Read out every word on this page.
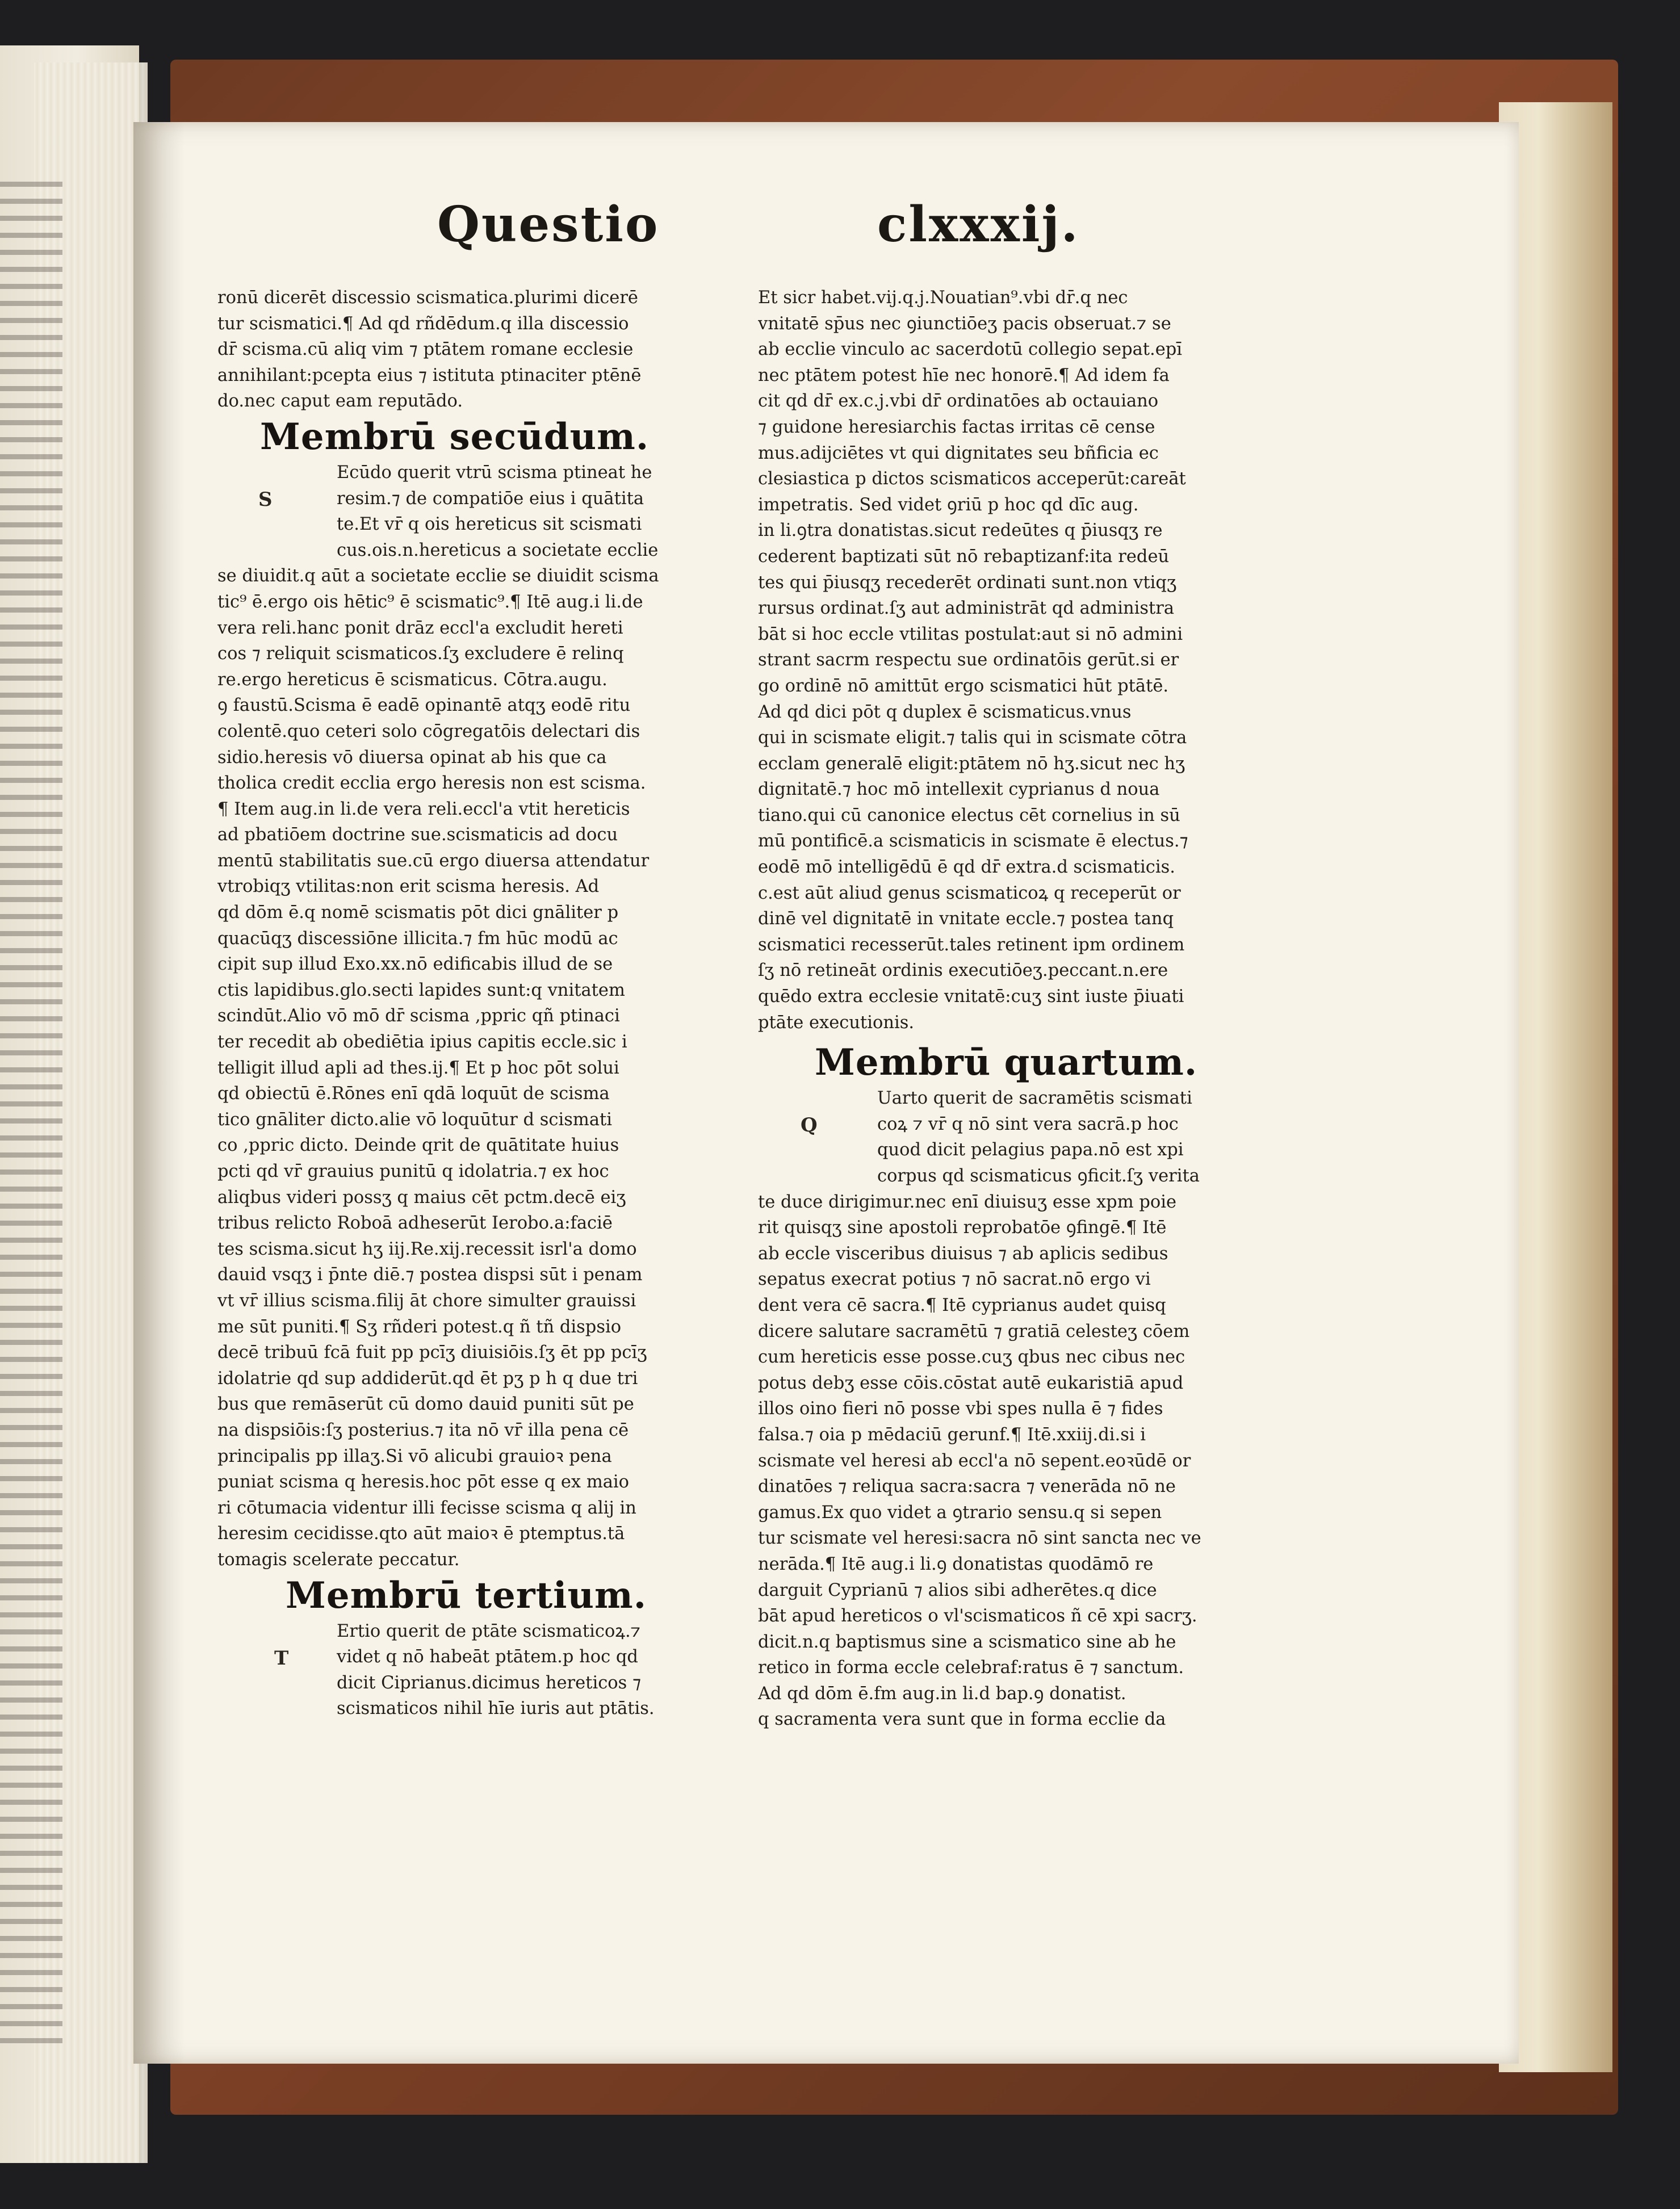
Questio	clxxxij.
ronū dicerēt discessio scismatica.plurimi dicerē
tur scismatici.¶ Ad qd rñdēdum.q illa discessio
dr̄ scisma.cū aliq vim ⁊ ptātem romane ecclesie
annihilant:pcepta eius ⁊ istituta ptinaciter ptēnē
do.nec caput eam reputādo.
Membrū secūdum.
S
Ecūdo querit vtrū scisma ptineat he
resim.⁊ de compatiōe eius i quātita
te.Et vr̄ q ois hereticus sit scismati
cus.ois.n.hereticus a societate ecclie
se diuidit.q aūt a societate ecclie se diuidit scisma
tic⁹ ē.ergo ois hētic⁹ ē scismatic⁹.¶ Itē aug.i li.de
vera reli.hanc ponit drāz eccl'a excludit hereti
cos ⁊ reliquit scismaticos.ſʒ excludere ē relinq
re.ergo hereticus ē scismaticus. Cōtra.augu.
ꝯ faustū.Scisma ē eadē opinantē atqʒ eodē ritu
colentē.quo ceteri solo cōgregatōis delectari dis
sidio.heresis vō diuersa opinat ab his que ca
tholica credit ecclia ergo heresis non est scisma.
¶ Item aug.in li.de vera reli.eccl'a vtit hereticis
ad pbatiōem doctrine sue.scismaticis ad docu
mentū stabilitatis sue.cū ergo diuersa attendatur
vtrobiqʒ vtilitas:non erit scisma heresis. Ad
qd dōm ē.q nomē scismatis pōt dici gnāliter p
quacūqʒ discessiōne illicita.⁊ fm hūc modū ac
cipit sup illud Exo.xx.nō edificabis illud de se
ctis lapidibus.glo.secti lapides sunt:q vnitatem
scindūt.Alio vō mō dr̄ scisma ,ppric qñ ptinaci
ter recedit ab obediētia ipius capitis eccle.sic i
telligit illud apli ad thes.ij.¶ Et p hoc pōt solui
qd obiectū ē.Rōnes enī qdā loquūt de scisma
tico gnāliter dicto.alie vō loquūtur d scismati
co ,ppric dicto. Deinde qrit de quātitate huius
pcti qd vr̄ grauius punitū q idolatria.⁊ ex hoc
aliqbus videri possʒ q maius cēt pctm.decē eiʒ
tribus relicto Roboā adheserūt Ierobo.a:faciē
tes scisma.sicut hʒ iij.Re.xij.recessit isrl'a domo
dauid vsqʒ i p̄nte diē.⁊ postea dispsi sūt i penam
vt vr̄ illius scisma.filij āt chore simulter grauissi
me sūt puniti.¶ Sʒ rñderi potest.q ñ tñ dispsio
decē tribuū fcā fuit pp pcīʒ diuisiōis.ſʒ ēt pp pcīʒ
idolatrie qd sup addiderūt.qd ēt pʒ p h q due tri
bus que remāserūt cū domo dauid puniti sūt pe
na dispsiōis:ſʒ posterius.⁊ ita nō vr̄ illa pena cē
principalis pp illaʒ.Si vō alicubi grauioꝛ pena
puniat scisma q heresis.hoc pōt esse q ex maio
ri cōtumacia videntur illi fecisse scisma q alij in
heresim cecidisse.qto aūt maioꝛ ē ptemptus.tā
tomagis scelerate peccatur.
Membrū tertium.
T
Ertio querit de ptāte scismaticoꝝ.⁊
videt q nō habeāt ptātem.p hoc qd
dicit Ciprianus.dicimus hereticos ⁊
scismaticos nihil hīe iuris aut ptātis.
Et sicr habet.vij.q.j.Nouatian⁹.vbi dr̄.q nec
vnitatē sp̄us nec ꝯiunctiōeʒ pacis obseruat.⁊ se
ab ecclie vinculo ac sacerdotū collegio sepat.epī
nec ptātem potest hīe nec honorē.¶ Ad idem fa
cit qd dr̄ ex.c.j.vbi dr̄ ordinatōes ab octauiano
⁊ guidone heresiarchis factas irritas cē cense
mus.adijciētes vt qui dignitates seu bñficia ec
clesiastica p dictos scismaticos acceperūt:careāt
impetratis. Sed videt ꝯriū p hoc qd dīc aug.
in li.ꝯtra donatistas.sicut redeūtes q p̄iusqʒ re
cederent baptizati sūt nō rebaptizanf:ita redeū
tes qui p̄iusqʒ recederēt ordinati sunt.non vtiqʒ
rursus ordinat.ſʒ aut administrāt qd administra
bāt si hoc eccle vtilitas postulat:aut si nō admini
strant sacrm respectu sue ordinatōis gerūt.si er
go ordinē nō amittūt ergo scismatici hūt ptātē.
Ad qd dici pōt q duplex ē scismaticus.vnus
qui in scismate eligit.⁊ talis qui in scismate cōtra
ecclam generalē eligit:ptātem nō hʒ.sicut nec hʒ
dignitatē.⁊ hoc mō intellexit cyprianus d noua
tiano.qui cū canonice electus cēt cornelius in sū
mū pontificē.a scismaticis in scismate ē electus.⁊
eodē mō intelligēdū ē qd dr̄ extra.d scismaticis.
c.est aūt aliud genus scismaticoꝝ q receperūt or
dinē vel dignitatē in vnitate eccle.⁊ postea tanq
scismatici recesserūt.tales retinent ipm ordinem
ſʒ nō retineāt ordinis executiōeʒ.peccant.n.ere
quēdo extra ecclesie vnitatē:cuʒ sint iuste p̄iuati
ptāte executionis.
Membrū quartum.
Q
Uarto querit de sacramētis scismati
coꝝ ⁊ vr̄ q nō sint vera sacrā.p hoc
quod dicit pelagius papa.nō est xpi
corpus qd scismaticus ꝯficit.ſʒ verita
te duce dirigimur.nec enī diuisuʒ esse xpm poie
rit quisqʒ sine apostoli reprobatōe ꝯfingē.¶ Itē
ab eccle visceribus diuisus ⁊ ab aplicis sedibus
sepatus execrat potius ⁊ nō sacrat.nō ergo vi
dent vera cē sacra.¶ Itē cyprianus audet quisq
dicere salutare sacramētū ⁊ gratiā celesteʒ cōem
cum hereticis esse posse.cuʒ qbus nec cibus nec
potus debʒ esse cōis.cōstat autē eukaristiā apud
illos oino fieri nō posse vbi spes nulla ē ⁊ fides
falsa.⁊ oia p mēdaciū gerunf.¶ Itē.xxiij.di.si i
scismate vel heresi ab eccl'a nō sepent.eoꝛūdē or
dinatōes ⁊ reliqua sacra:sacra ⁊ venerāda nō ne
gamus.Ex quo videt a ꝯtrario sensu.q si sepen
tur scismate vel heresi:sacra nō sint sancta nec ve
nerāda.¶ Itē aug.i li.ꝯ donatistas quodāmō re
darguit Cyprianū ⁊ alios sibi adherētes.q dice
bāt apud hereticos o vl'scismaticos ñ cē xpi sacrʒ.
dicit.n.q baptismus sine a scismatico sine ab he
retico in forma eccle celebraf:ratus ē ⁊ sanctum.
Ad qd dōm ē.fm aug.in li.d bap.ꝯ donatist.
q sacramenta vera sunt que in forma ecclie da
